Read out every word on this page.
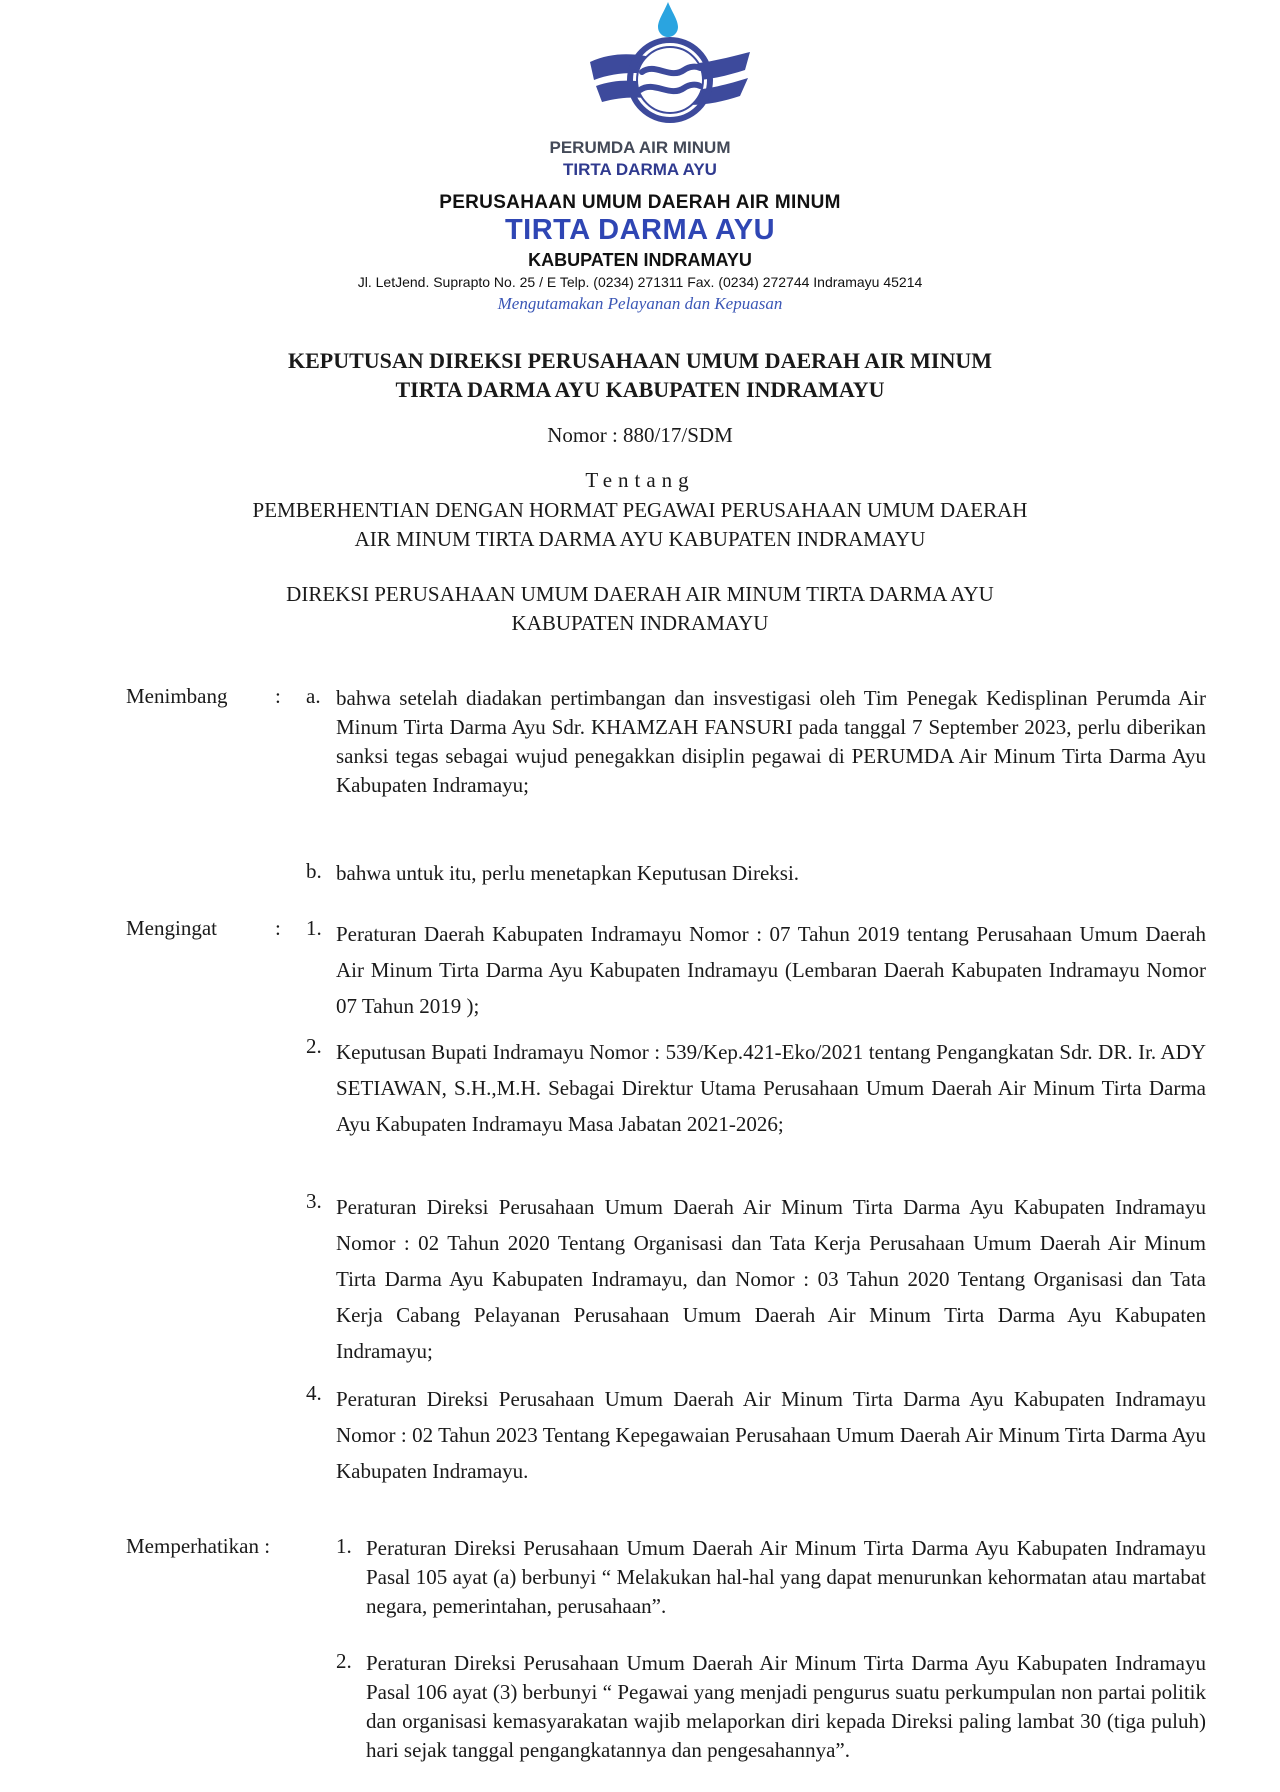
PERUMDA AIR MINUM
TIRTA DARMA AYU
PERUSAHAAN UMUM DAERAH AIR MINUM
TIRTA DARMA AYU
KABUPATEN INDRAMAYU
Jl. LetJend. Suprapto No. 25 / E Telp. (0234) 271311 Fax. (0234) 272744 Indramayu 45214
Mengutamakan Pelayanan dan Kepuasan
KEPUTUSAN DIREKSI PERUSAHAAN UMUM DAERAH AIR MINUM
TIRTA DARMA AYU KABUPATEN INDRAMAYU
Nomor : 880/17/SDM
Tentang
PEMBERHENTIAN DENGAN HORMAT PEGAWAI PERUSAHAAN UMUM DAERAH
AIR MINUM TIRTA DARMA AYU KABUPATEN INDRAMAYU
DIREKSI PERUSAHAAN UMUM DAERAH AIR MINUM TIRTA DARMA AYU
KABUPATEN INDRAMAYU
Menimbang : a. bahwa setelah diadakan pertimbangan dan insvestigasi oleh Tim Penegak Kedisplinan Perumda Air Minum Tirta Darma Ayu Sdr. KHAMZAH FANSURI pada tanggal 7 September 2023, perlu diberikan sanksi tegas sebagai wujud penegakkan disiplin pegawai di PERUMDA Air Minum Tirta Darma Ayu Kabupaten Indramayu;
b. bahwa untuk itu, perlu menetapkan Keputusan Direksi.
Mengingat	: 1. Peraturan Daerah Kabupaten Indramayu Nomor : 07 Tahun 2019 tentang Perusahaan Umum Daerah Air Minum Tirta Darma Ayu Kabupaten Indramayu (Lembaran Daerah Kabupaten Indramayu Nomor 07 Tahun 2019 );
2. Keputusan Bupati Indramayu Nomor : 539/Kep.421-Eko/2021 tentang Pengangkatan Sdr. DR. Ir. ADY SETIAWAN, S.H.,M.H. Sebagai Direktur Utama Perusahaan Umum Daerah Air Minum Tirta Darma Ayu Kabupaten Indramayu Masa Jabatan 2021-2026;
3. Peraturan Direksi Perusahaan Umum Daerah Air Minum Tirta Darma Ayu Kabupaten Indramayu Nomor : 02 Tahun 2020 Tentang Organisasi dan Tata Kerja Perusahaan Umum Daerah Air Minum Tirta Darma Ayu Kabupaten Indramayu, dan Nomor : 03 Tahun 2020 Tentang Organisasi dan Tata Kerja Cabang Pelayanan Perusahaan Umum Daerah Air Minum Tirta Darma Ayu Kabupaten Indramayu;
4. Peraturan Direksi Perusahaan Umum Daerah Air Minum Tirta Darma Ayu Kabupaten Indramayu Nomor : 02 Tahun 2023 Tentang Kepegawaian Perusahaan Umum Daerah Air Minum Tirta Darma Ayu Kabupaten Indramayu.
Memperhatikan :	1. Peraturan Direksi Perusahaan Umum Daerah Air Minum Tirta Darma Ayu Kabupaten Indramayu Pasal 105 ayat (a) berbunyi “ Melakukan hal-hal yang dapat menurunkan kehormatan atau martabat negara, pemerintahan, perusahaan”.
2. Peraturan Direksi Perusahaan Umum Daerah Air Minum Tirta Darma Ayu Kabupaten Indramayu Pasal 106 ayat (3) berbunyi “ Pegawai yang menjadi pengurus suatu perkumpulan non partai politik dan organisasi kemasyarakatan wajib melaporkan diri kepada Direksi paling lambat 30 (tiga puluh) hari sejak tanggal pengangkatannya dan pengesahannya”.
